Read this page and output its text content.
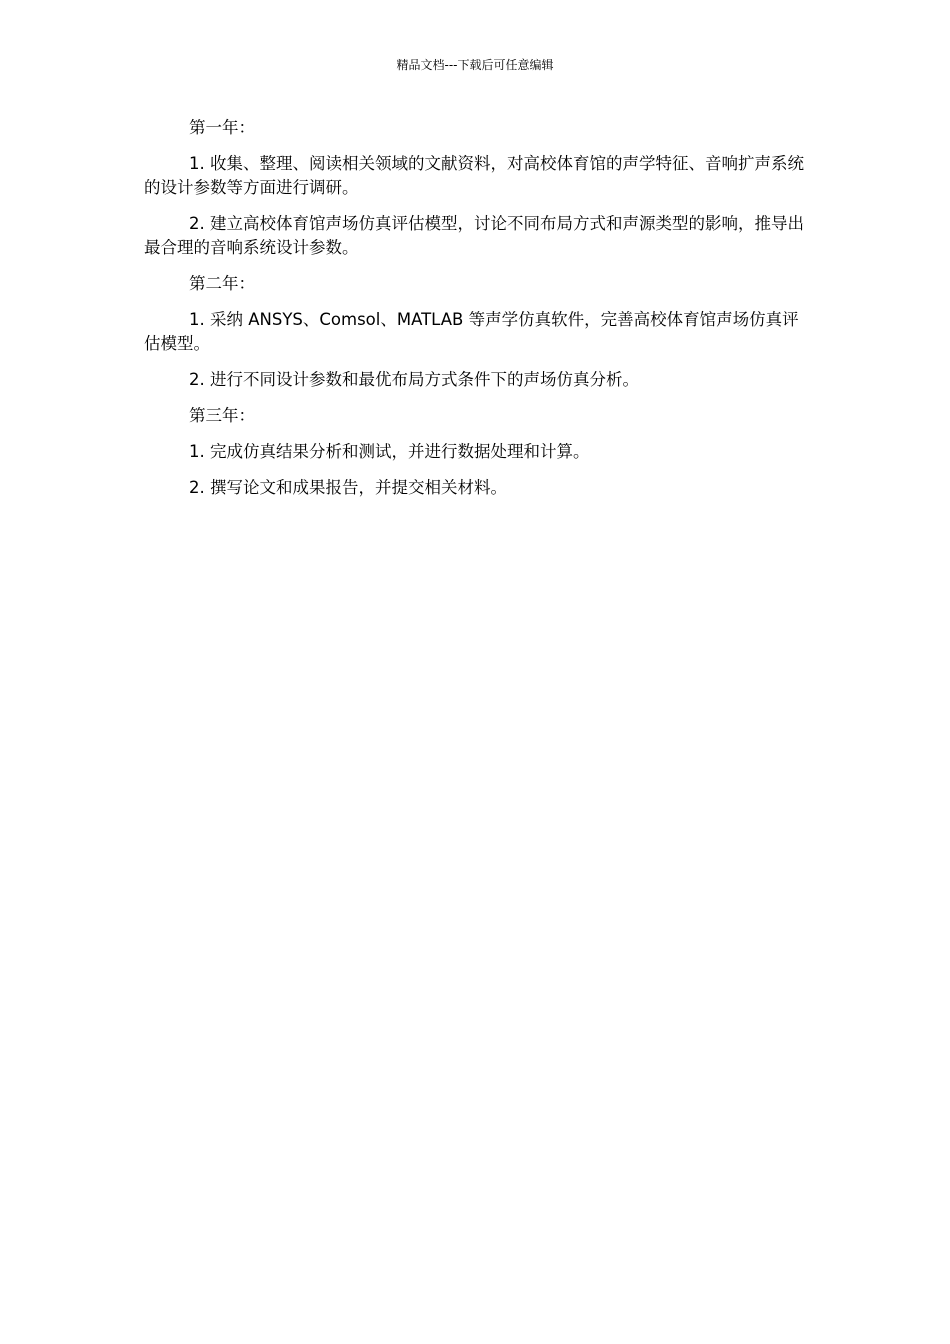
精品文档---下载后可任意编辑

第一年：

1. 收集、整理、阅读相关领域的文献资料，对高校体育馆的声学特征、音响扩声系统的设计参数等方面进行调研。

2. 建立高校体育馆声场仿真评估模型，讨论不同布局方式和声源类型的影响，推导出最合理的音响系统设计参数。

第二年：

1. 采纳 ANSYS、Comsol、MATLAB 等声学仿真软件，完善高校体育馆声场仿真评估模型。

2. 进行不同设计参数和最优布局方式条件下的声场仿真分析。

第三年：

1. 完成仿真结果分析和测试，并进行数据处理和计算。

2. 撰写论文和成果报告，并提交相关材料。
